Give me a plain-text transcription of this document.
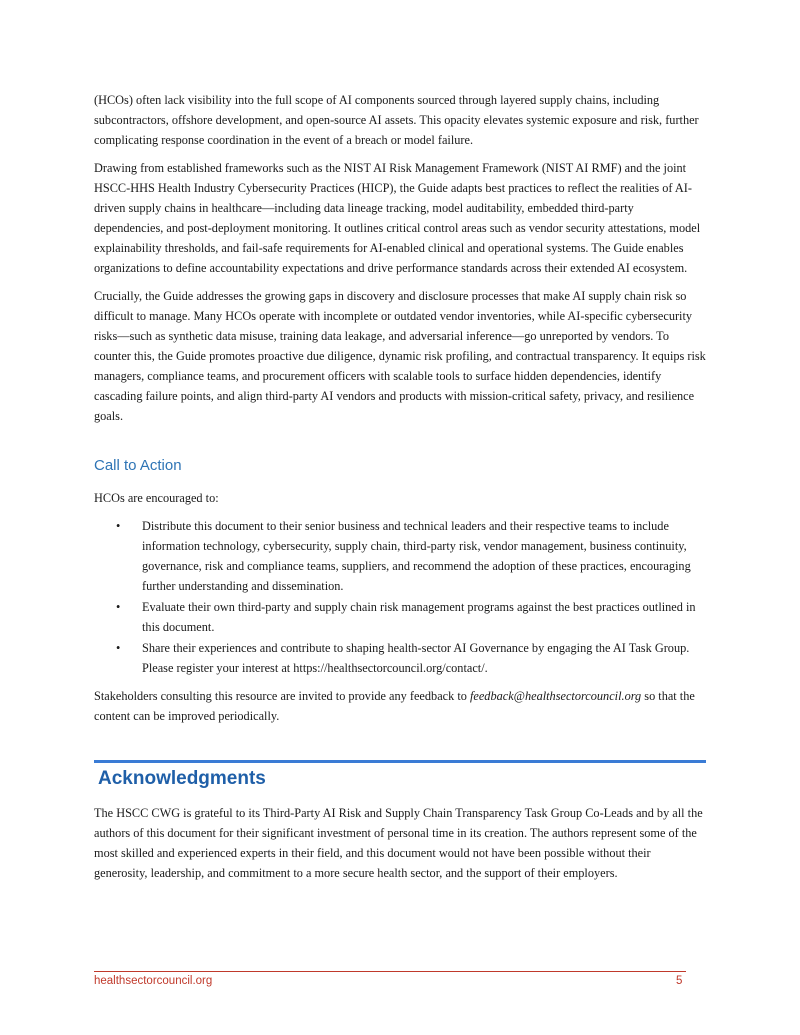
(HCOs) often lack visibility into the full scope of AI components sourced through layered supply chains, including subcontractors, offshore development, and open-source AI assets. This opacity elevates systemic exposure and risk, further complicating response coordination in the event of a breach or model failure.

Drawing from established frameworks such as the NIST AI Risk Management Framework (NIST AI RMF) and the joint HSCC-HHS Health Industry Cybersecurity Practices (HICP), the Guide adapts best practices to reflect the realities of AI-driven supply chains in healthcare—including data lineage tracking, model auditability, embedded third-party dependencies, and post-deployment monitoring. It outlines critical control areas such as vendor security attestations, model explainability thresholds, and fail-safe requirements for AI-enabled clinical and operational systems. The Guide enables organizations to define accountability expectations and drive performance standards across their extended AI ecosystem.

Crucially, the Guide addresses the growing gaps in discovery and disclosure processes that make AI supply chain risk so difficult to manage. Many HCOs operate with incomplete or outdated vendor inventories, while AI-specific cybersecurity risks—such as synthetic data misuse, training data leakage, and adversarial inference—go unreported by vendors. To counter this, the Guide promotes proactive due diligence, dynamic risk profiling, and contractual transparency. It equips risk managers, compliance teams, and procurement officers with scalable tools to surface hidden dependencies, identify cascading failure points, and align third-party AI vendors and products with mission-critical safety, privacy, and resilience goals.

Call to Action

HCOs are encouraged to:

• Distribute this document to their senior business and technical leaders and their respective teams to include information technology, cybersecurity, supply chain, third-party risk, vendor management, business continuity, governance, risk and compliance teams, suppliers, and recommend the adoption of these practices, encouraging further understanding and dissemination.
• Evaluate their own third-party and supply chain risk management programs against the best practices outlined in this document.
• Share their experiences and contribute to shaping health-sector AI Governance by engaging the AI Task Group. Please register your interest at https://healthsectorcouncil.org/contact/.

Stakeholders consulting this resource are invited to provide any feedback to feedback@healthsectorcouncil.org so that the content can be improved periodically.

Acknowledgments

The HSCC CWG is grateful to its Third-Party AI Risk and Supply Chain Transparency Task Group Co-Leads and by all the authors of this document for their significant investment of personal time in its creation. The authors represent some of the most skilled and experienced experts in their field, and this document would not have been possible without their generosity, leadership, and commitment to a more secure health sector, and the support of their employers.

healthsectorcouncil.org	5
